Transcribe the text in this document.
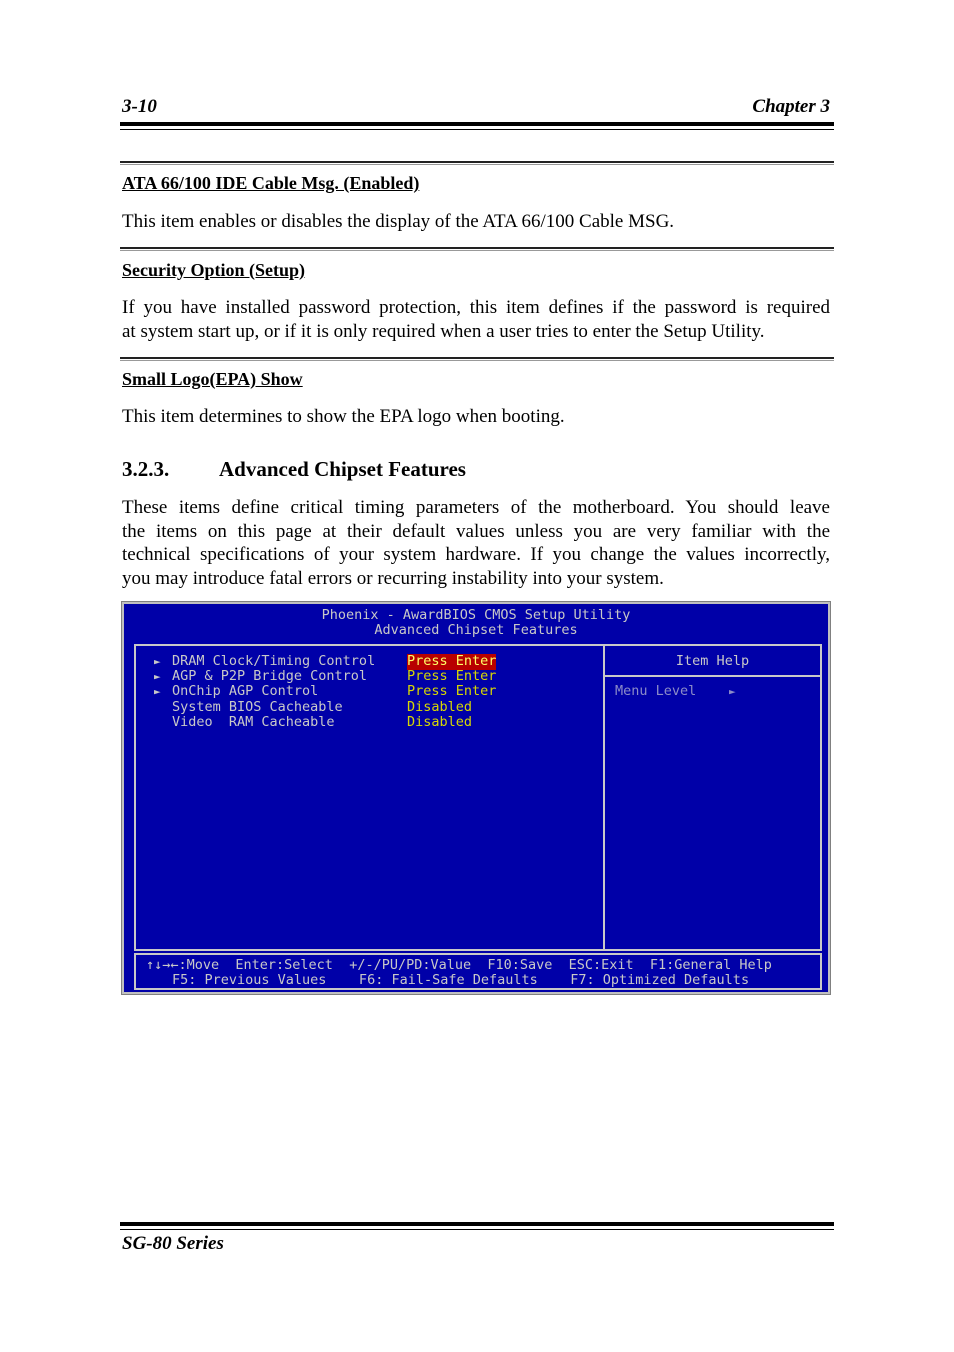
3-10	Chapter 3
ATA 66/100 IDE Cable Msg. (Enabled)
This item enables or disables the display of the ATA 66/100 Cable MSG.
Security Option (Setup)
If you have installed password protection, this item defines if the password is required
at system start up, or if it is only required when a user tries to enter the Setup Utility.
Small Logo(EPA) Show
This item determines to show the EPA logo when booting.
3.2.3. Advanced Chipset Features
These items define critical timing parameters of the motherboard. You should leave
the items on this page at their default values unless you are very familiar with the
technical specifications of your system hardware. If you change the values incorrectly,
you may introduce fatal errors or recurring instability into your system.
Phoenix - AwardBIOS CMOS Setup Utility
Advanced Chipset Features
► DRAM Clock/Timing Control Press Enter
► AGP & P2P Bridge Control	Press Enter
► OnChip AGP Control	Press Enter
System BIOS Cacheable	Disabled
Video  RAM Cacheable	Disabled
Item Help
Menu Level	►
↑↓→←:Move  Enter:Select  +/-/PU/PD:Value  F10:Save  ESC:Exit  F1:General Help
F5: Previous Values    F6: Fail-Safe Defaults    F7: Optimized Defaults
SG-80 Series
